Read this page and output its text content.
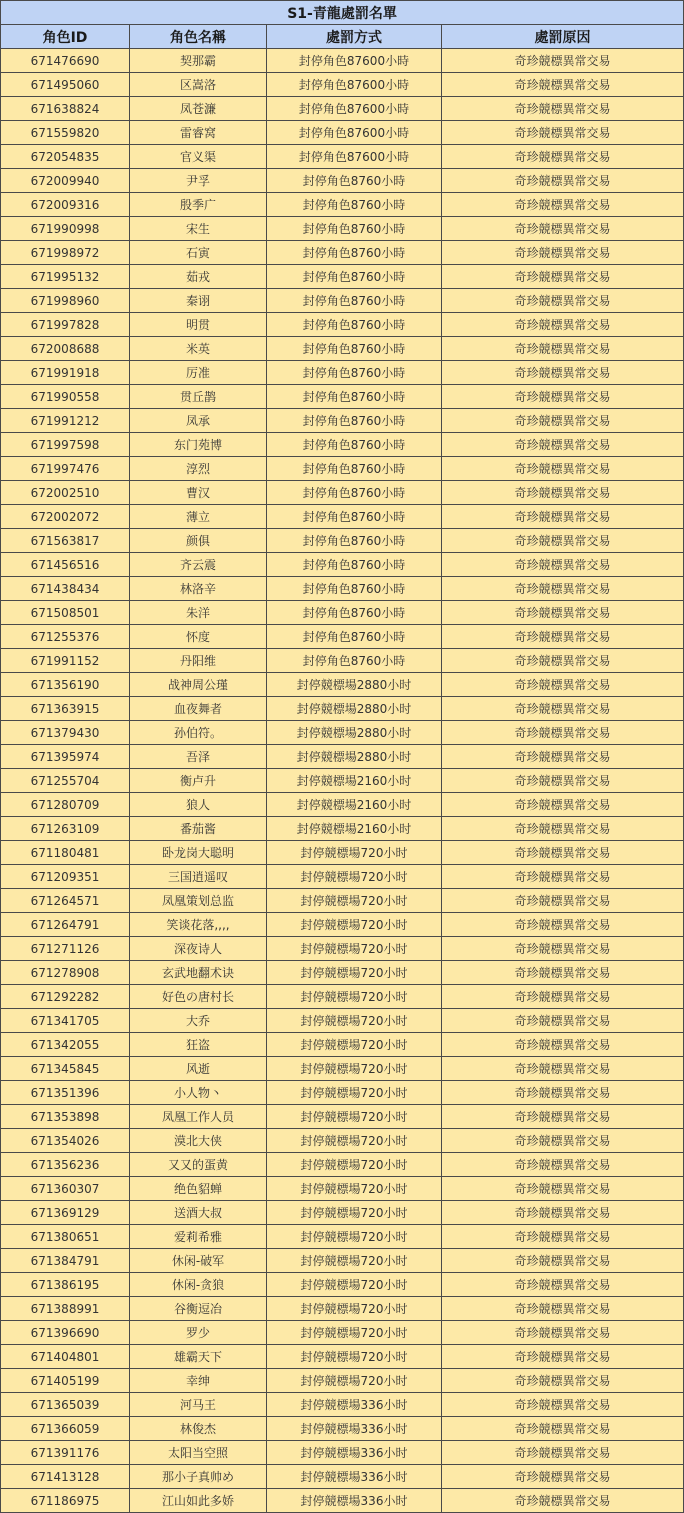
S1-青龍處罰名單			
角色ID	角色名稱	處罰方式	處罰原因
671476690	契那霸	封停角色87600小時	奇珍競標異常交易
671495060	区嵩洛	封停角色87600小時	奇珍競標異常交易
671638824	凤苍濂	封停角色87600小時	奇珍競標異常交易
671559820	雷睿窝	封停角色87600小時	奇珍競標異常交易
672054835	官义渠	封停角色87600小時	奇珍競標異常交易
672009940	尹孚	封停角色8760小時	奇珍競標異常交易
672009316	殷季广	封停角色8760小時	奇珍競標異常交易
671990998	宋生	封停角色8760小時	奇珍競標異常交易
671998972	石寅	封停角色8760小時	奇珍競標異常交易
671995132	茹戎	封停角色8760小時	奇珍競標異常交易
671998960	秦诩	封停角色8760小時	奇珍競標異常交易
671997828	明贯	封停角色8760小時	奇珍競標異常交易
672008688	米英	封停角色8760小時	奇珍競標異常交易
671991918	厉准	封停角色8760小時	奇珍競標異常交易
671990558	贯丘鹊	封停角色8760小時	奇珍競標異常交易
671991212	凤承	封停角色8760小時	奇珍競標異常交易
671997598	东门苑博	封停角色8760小時	奇珍競標異常交易
671997476	淳烈	封停角色8760小時	奇珍競標異常交易
672002510	曹汉	封停角色8760小時	奇珍競標異常交易
672002072	薄立	封停角色8760小時	奇珍競標異常交易
671563817	颜俱	封停角色8760小時	奇珍競標異常交易
671456516	齐云震	封停角色8760小時	奇珍競標異常交易
671438434	林洛辛	封停角色8760小時	奇珍競標異常交易
671508501	朱洋	封停角色8760小時	奇珍競標異常交易
671255376	怀度	封停角色8760小時	奇珍競標異常交易
671991152	丹阳维	封停角色8760小時	奇珍競標異常交易
671356190	战神周公瑾	封停競標場2880小时	奇珍競標異常交易
671363915	血夜舞者	封停競標場2880小时	奇珍競標異常交易
671379430	孙伯符。	封停競標場2880小时	奇珍競標異常交易
671395974	吾泽	封停競標場2880小时	奇珍競標異常交易
671255704	衡卢升	封停競標場2160小时	奇珍競標異常交易
671280709	狼人	封停競標場2160小时	奇珍競標異常交易
671263109	番茄酱	封停競標場2160小时	奇珍競標異常交易
671180481	卧龙岗大聪明	封停競標場720小时	奇珍競標異常交易
671209351	三国逍遥叹	封停競標場720小时	奇珍競標異常交易
671264571	凤凰策划总监	封停競標場720小时	奇珍競標異常交易
671264791	笑谈花落,,,,	封停競標場720小时	奇珍競標異常交易
671271126	深夜诗人	封停競標場720小时	奇珍競標異常交易
671278908	玄武地翻术诀	封停競標場720小时	奇珍競標異常交易
671292282	好色の唐村长	封停競標場720小时	奇珍競標異常交易
671341705	大乔	封停競標場720小时	奇珍競標異常交易
671342055	狂盗	封停競標場720小时	奇珍競標異常交易
671345845	风逝	封停競標場720小时	奇珍競標異常交易
671351396	小人物丶	封停競標場720小时	奇珍競標異常交易
671353898	凤凰工作人员	封停競標場720小时	奇珍競標異常交易
671354026	漠北大侠	封停競標場720小时	奇珍競標異常交易
671356236	又又的蛋黄	封停競標場720小时	奇珍競標異常交易
671360307	绝色貂蝉	封停競標場720小时	奇珍競標異常交易
671369129	送酒大叔	封停競標場720小时	奇珍競標異常交易
671380651	爱莉希雅	封停競標場720小时	奇珍競標異常交易
671384791	休闲-破军	封停競標場720小时	奇珍競標異常交易
671386195	休闲-贪狼	封停競標場720小时	奇珍競標異常交易
671388991	谷衡逗冶	封停競標場720小时	奇珍競標異常交易
671396690	罗少	封停競標場720小时	奇珍競標異常交易
671404801	雄霸天下	封停競標場720小时	奇珍競標異常交易
671405199	幸绅	封停競標場720小时	奇珍競標異常交易
671365039	河马王	封停競標場336小时	奇珍競標異常交易
671366059	林俊杰	封停競標場336小时	奇珍競標異常交易
671391176	太阳当空照	封停競標場336小时	奇珍競標異常交易
671413128	那小子真帅め	封停競標場336小时	奇珍競標異常交易
671186975	江山如此多娇	封停競標場336小时	奇珍競標異常交易
